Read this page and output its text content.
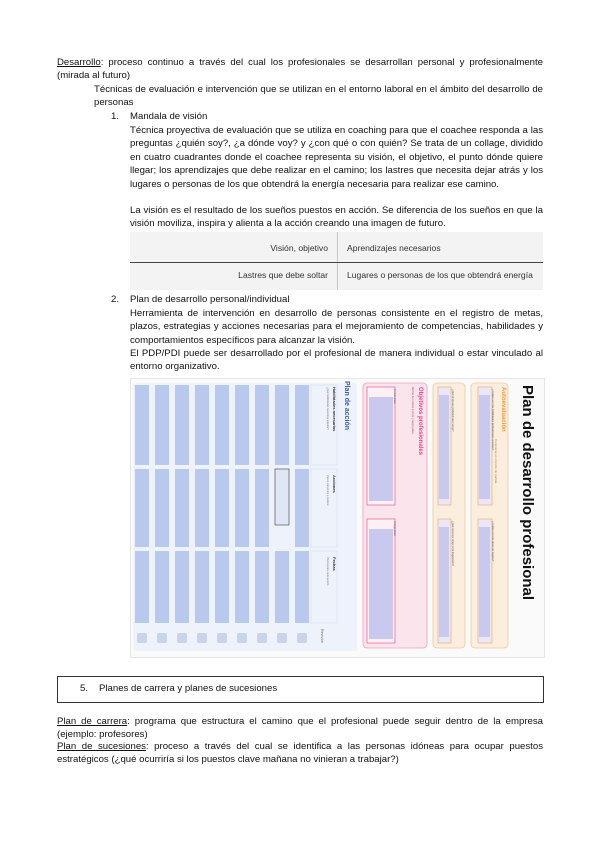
Desarrollo: proceso continuo a través del cual los profesionales se desarrollan personal y profesionalmente (mirada al futuro)

Técnicas de evaluación e intervención que se utilizan en el entorno laboral en el ámbito del desarrollo de personas

1. Mandala de visión

Técnica proyectiva de evaluación que se utiliza en coaching para que el coachee responda a las preguntas ¿quién soy?, ¿a dónde voy? y ¿con qué o con quién? Se trata de un collage, dividido en cuatro cuadrantes donde el coachee representa su visión, el objetivo, el punto dónde quiere llegar; los aprendizajes que debe realizar en el camino; los lastres que necesita dejar atrás y los lugares o personas de los que obtendrá la energía necesaria para realizar ese camino.

La visión es el resultado de los sueños puestos en acción. Se diferencia de los sueños en que la visión moviliza, inspira y alienta a la acción creando una imagen de futuro.

Visión, objetivo Aprendizajes necesarios
Lastres que debe soltar Lugares o personas de los que obtendrá energía
2. Plan de desarrollo personal/individual

Herramienta de intervención en desarrollo de personas consistente en el registro de metas, plazos, estrategias y acciones necesarias para el mejoramiento de competencias, habilidades y comportamientos específicos para alcanzar la visión.

El PDP/PDI puede ser desarrollado por el profesional de manera individual o estar vinculado al entorno organizativo.

Plan de desarrollo profesional
Autoevaluación
Conocerse es el punto de partida
¿Cuáles son mis habilidades profesionales actuales?
¿Cuáles son mis áreas de mejora?
¿Qué intereses profesionales tengo?
¿Qué recursos tengo a mi disposición?
Objetivos profesionales
Define tus metas a corto y largo plazo
A corto plazo
A largo plazo
Plan de acción
Habilidades necesarias
¿Qué habilidades necesitas adquirir?
Acciones
Pasos concretos a realizar
Fechas
Plazos para cada acción
Revisión
5. Planes de carrera y planes de sucesiones

Plan de carrera: programa que estructura el camino que el profesional puede seguir dentro de la empresa (ejemplo: profesores)

Plan de sucesiones: proceso a través del cual se identifica a las personas idóneas para ocupar puestos estratégicos (¿qué ocurriría si los puestos clave mañana no vinieran a trabajar?)
